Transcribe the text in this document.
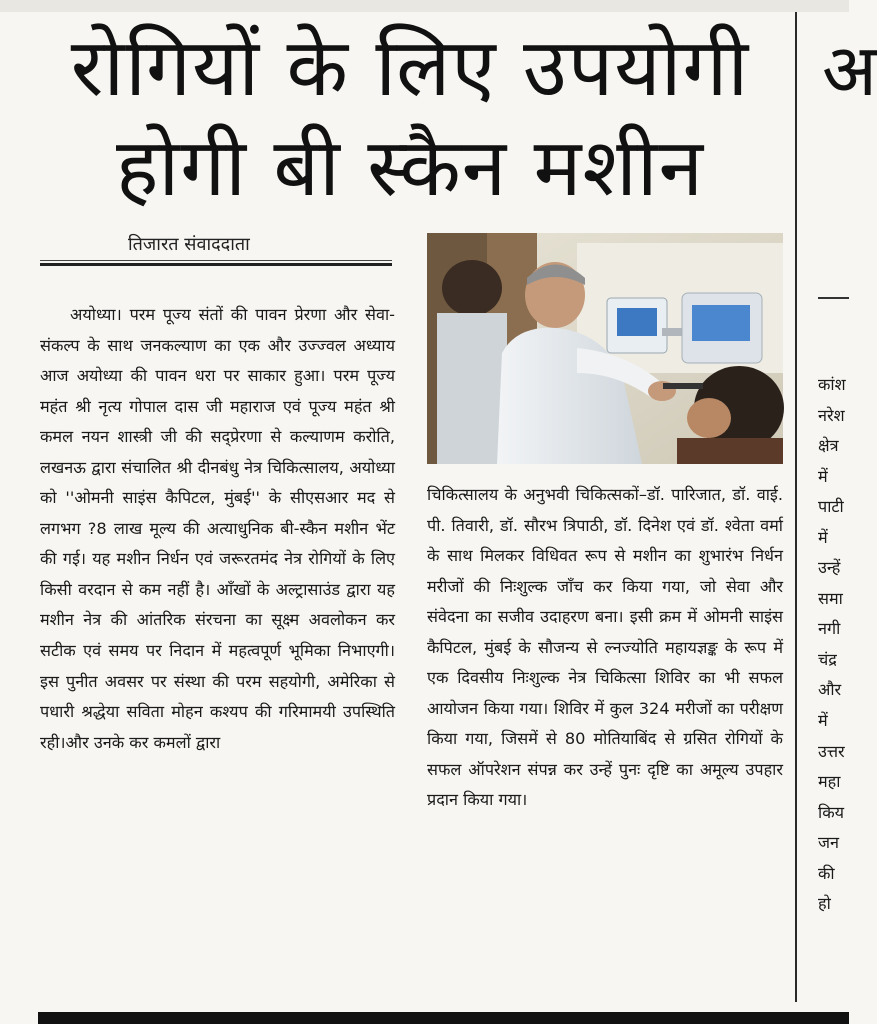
रोगियों के लिए उपयोगी
होगी बी स्कैन मशीन
तिजारत संवाददाता

अयोध्या। परम पूज्य संतों की पावन प्रेरणा और सेवा-संकल्प के साथ जनकल्याण का एक और उज्ज्वल अध्याय आज अयोध्या की पावन धरा पर साकार हुआ। परम पूज्य महंत श्री नृत्य गोपाल दास जी महाराज एवं पूज्य महंत श्री कमल नयन शास्त्री जी की सद्प्रेरणा से कल्याणम करोति, लखनऊ द्वारा संचालित श्री दीनबंधु नेत्र चिकित्सालय, अयोध्या को ''ओमनी साइंस कैपिटल, मुंबई'' के सीएसआर मद से लगभग ?8 लाख मूल्य की अत्याधुनिक बी-स्कैन मशीन भेंट की गई। यह मशीन निर्धन एवं जरूरतमंद नेत्र रोगियों के लिए किसी वरदान से कम नहीं है। आँखों के अल्ट्रासाउंड द्वारा यह मशीन नेत्र की आंतरिक संरचना का सूक्ष्म अवलोकन कर सटीक एवं समय पर निदान में महत्वपूर्ण भूमिका निभाएगी। इस पुनीत अवसर पर संस्था की परम सहयोगी, अमेरिका से पधारी श्रद्धेया सविता मोहन कश्यप की गरिमामयी उपस्थिति रही।और उनके कर कमलों द्वारा

चिकित्सालय के अनुभवी चिकित्सकों–डॉ. पारिजात, डॉ. वाई. पी. तिवारी, डॉ. सौरभ त्रिपाठी, डॉ. दिनेश एवं डॉ. श्वेता वर्मा के साथ मिलकर विधिवत रूप से मशीन का शुभारंभ निर्धन मरीजों की निःशुल्क जाँच कर किया गया, जो सेवा और संवेदना का सजीव उदाहरण बना। इसी क्रम में ओमनी साइंस कैपिटल, मुंबई के सौजन्य से ल्नज्योति महायज्ञङ्क के रूप में एक दिवसीय निःशुल्क नेत्र चिकित्सा शिविर का भी सफल आयोजन किया गया। शिविर में कुल 324 मरीजों का परीक्षण किया गया, जिसमें से 80 मोतियाबिंद से ग्रसित रोगियों के सफल ऑपरेशन संपन्न कर उन्हें पुनः दृष्टि का अमूल्य उपहार प्रदान किया गया।

अ
कांश
नरेश
क्षेत्र
में
पाटी
में
उन्हें
समा
नगी
चंद्र
और
में
उत्तर
महा
किय
जन
की
हो
